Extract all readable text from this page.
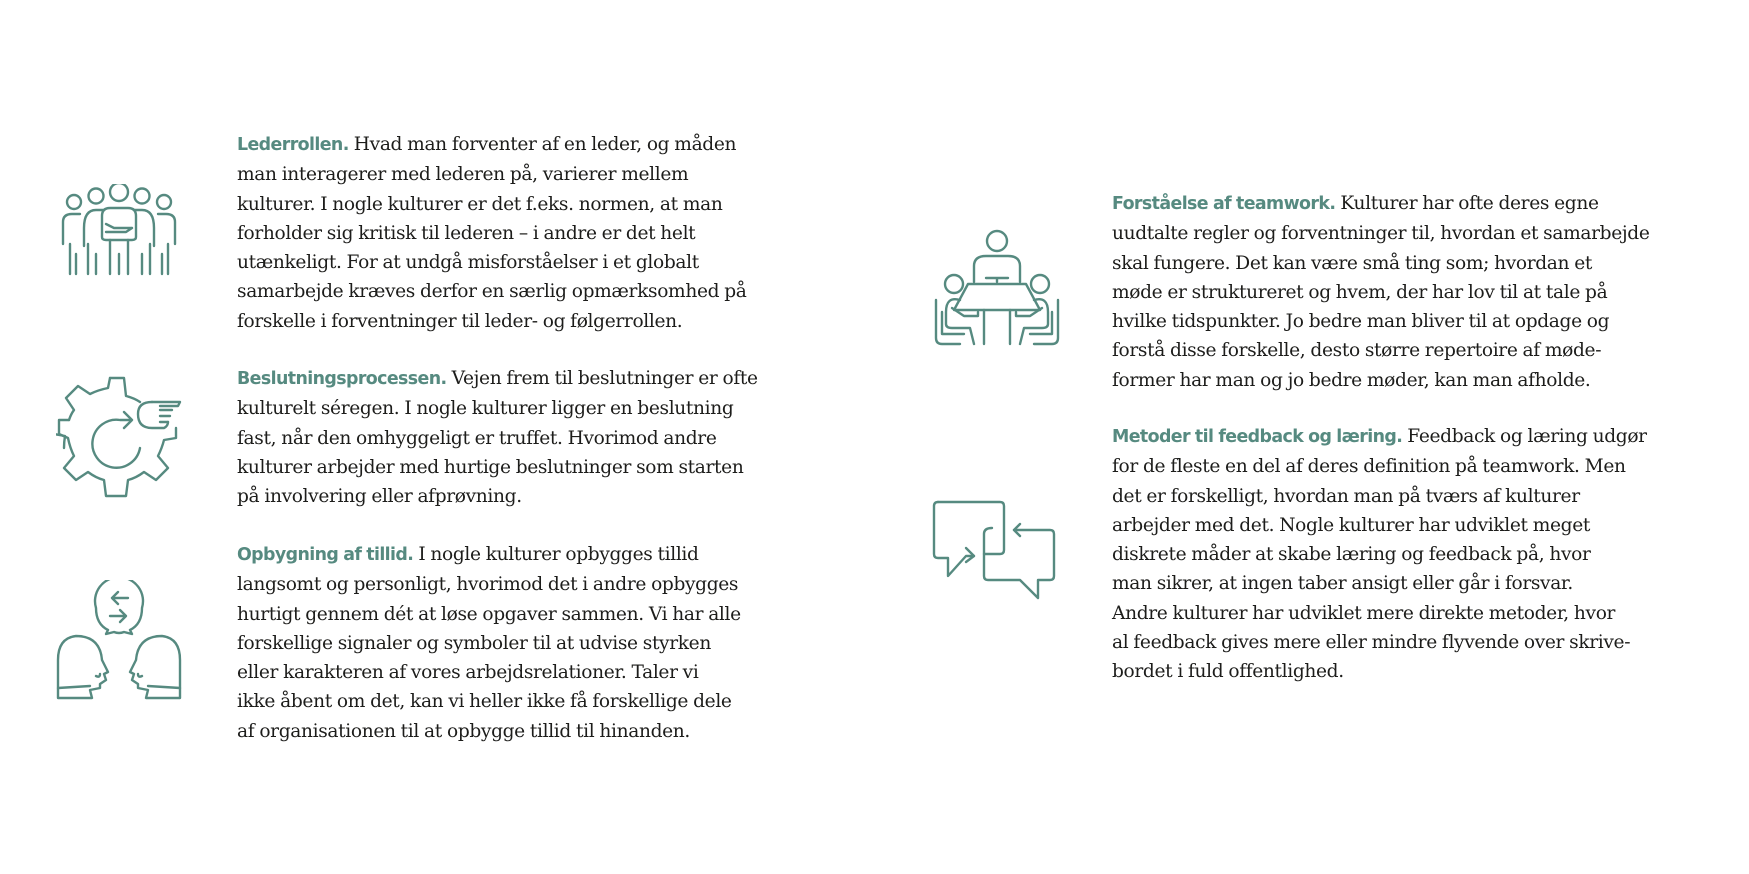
Lederrollen. Hvad man forventer af en leder, og måden
man interagerer med lederen på, varierer mellem
kulturer. I nogle kulturer er det f.eks. normen, at man
forholder sig kritisk til lederen – i andre er det helt
utænkeligt. For at undgå misforståelser i et globalt
samarbejde kræves derfor en særlig opmærksomhed på
forskelle i forventninger til leder- og følgerrollen.
Beslutningsprocessen. Vejen frem til beslutninger er ofte
kulturelt séregen. I nogle kulturer ligger en beslutning
fast, når den omhyggeligt er truffet. Hvorimod andre
kulturer arbejder med hurtige beslutninger som starten
på involvering eller afprøvning.
Opbygning af tillid. I nogle kulturer opbygges tillid
langsomt og personligt, hvorimod det i andre opbygges
hurtigt gennem dét at løse opgaver sammen. Vi har alle
forskellige signaler og symboler til at udvise styrken
eller karakteren af vores arbejdsrelationer. Taler vi
ikke åbent om det, kan vi heller ikke få forskellige dele
af organisationen til at opbygge tillid til hinanden.
Forståelse af teamwork. Kulturer har ofte deres egne
uudtalte regler og forventninger til, hvordan et samarbejde
skal fungere. Det kan være små ting som; hvordan et
møde er struktureret og hvem, der har lov til at tale på
hvilke tidspunkter. Jo bedre man bliver til at opdage og
forstå disse forskelle, desto større repertoire af møde-
former har man og jo bedre møder, kan man afholde.
Metoder til feedback og læring. Feedback og læring udgør
for de fleste en del af deres definition på teamwork. Men
det er forskelligt, hvordan man på tværs af kulturer
arbejder med det. Nogle kulturer har udviklet meget
diskrete måder at skabe læring og feedback på, hvor
man sikrer, at ingen taber ansigt eller går i forsvar.
Andre kulturer har udviklet mere direkte metoder, hvor
al feedback gives mere eller mindre flyvende over skrive-
bordet i fuld offentlighed.
